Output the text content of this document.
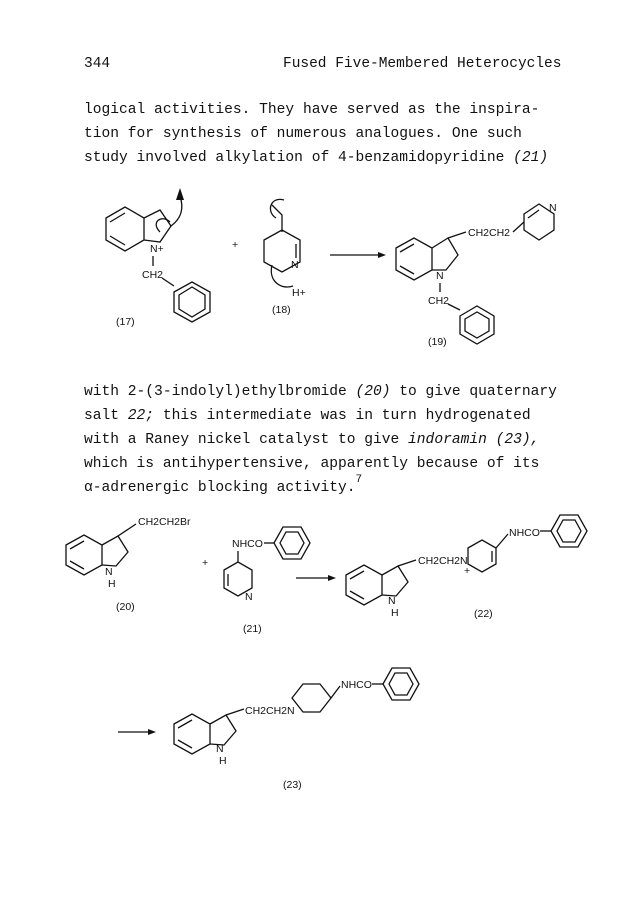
344	Fused Five-Membered Heterocycles

logical activities. They have served as the inspira-

tion for synthesis of numerous analogues. One such

study involved alkylation of 4-benzamidopyridine (21)

N+
CH2
(17)
+
N
H+
(18)
CH2CH2
N
N
CH2
(19)

with 2-(3-indolyl)ethylbromide (20) to give quaternary

salt 22; this intermediate was in turn hydrogenated

with a Raney nickel catalyst to give indoramin (23),

which is antihypertensive, apparently because of its

α-adrenergic blocking activity.$^7$

CH2CH2Br
N
H
(20)
+
NHCO
N
(21)
CH2CH2N
+
NHCO
N
H	(22)
CH2CH2N
NHCO
N
H
(23)
